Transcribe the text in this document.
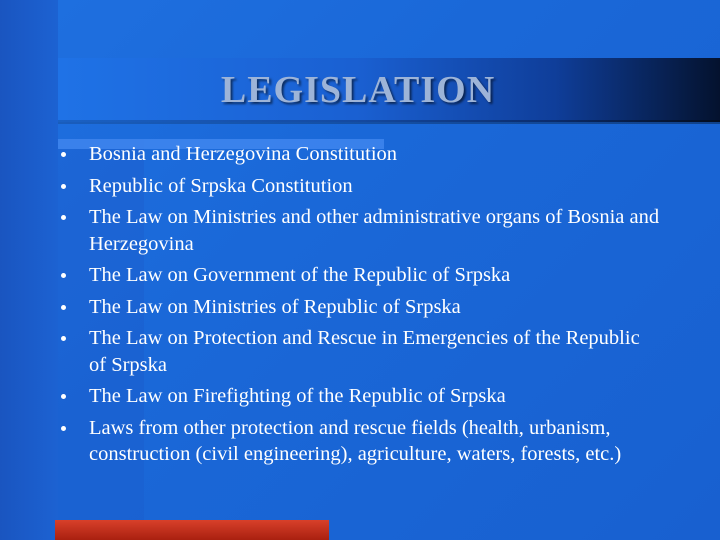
LEGISLATION
Bosnia and Herzegovina Constitution
Republic of Srpska Constitution
The Law on Ministries and other administrative organs of Bosnia and Herzegovina
The Law on Government of the Republic of Srpska
The Law on Ministries of Republic of Srpska
The Law on Protection and Rescue in Emergencies of the Republic of Srpska
The Law on Firefighting of the Republic of Srpska
Laws from other protection and rescue fields (health, urbanism, construction (civil engineering), agriculture, waters, forests, etc.)
